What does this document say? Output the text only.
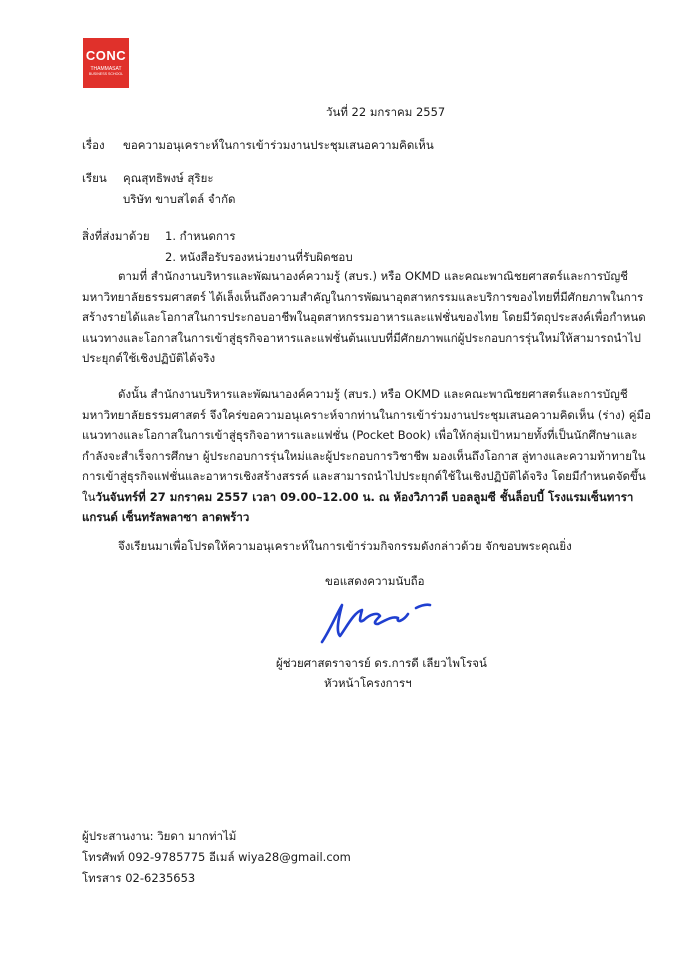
CONC
THAMMASAT
BUSINESS SCHOOL
วันที่ 22 มกราคม 2557
เรื่อง ขอความอนุเคราะห์ในการเข้าร่วมงานประชุมเสนอความคิดเห็น
เรียน คุณสุทธิพงษ์ สุริยะ
บริษัท ขาบสไตล์ จำกัด
สิ่งที่ส่งมาด้วย 1. กำหนดการ
2. หนังสือรับรองหน่วยงานที่รับผิดชอบ
ตามที่ สำนักงานบริหารและพัฒนาองค์ความรู้ (สบร.) หรือ OKMD และคณะพาณิชยศาสตร์และการบัญชี
มหาวิทยาลัยธรรมศาสตร์ ได้เล็งเห็นถึงความสำคัญในการพัฒนาอุตสาหกรรมและบริการของไทยที่มีศักยภาพในการ
สร้างรายได้และโอกาสในการประกอบอาชีพในอุตสาหกรรมอาหารและแฟชั่นของไทย โดยมีวัตถุประสงค์เพื่อกำหนด
แนวทางและโอกาสในการเข้าสู่ธุรกิจอาหารและแฟชั่นต้นแบบที่มีศักยภาพแก่ผู้ประกอบการรุ่นใหม่ให้สามารถนำไป
ประยุกต์ใช้เชิงปฏิบัติได้จริง
ดังนั้น สำนักงานบริหารและพัฒนาองค์ความรู้ (สบร.) หรือ OKMD และคณะพาณิชยศาสตร์และการบัญชี
มหาวิทยาลัยธรรมศาสตร์ จึงใคร่ขอความอนุเคราะห์จากท่านในการเข้าร่วมงานประชุมเสนอความคิดเห็น (ร่าง) คู่มือ
แนวทางและโอกาสในการเข้าสู่ธุรกิจอาหารและแฟชั่น (Pocket Book) เพื่อให้กลุ่มเป้าหมายทั้งที่เป็นนักศึกษาและ
กำลังจะสำเร็จการศึกษา ผู้ประกอบการรุ่นใหม่และผู้ประกอบการวิชาชีพ มองเห็นถึงโอกาส ลู่ทางและความท้าทายใน
การเข้าสู่ธุรกิจแฟชั่นและอาหารเชิงสร้างสรรค์ และสามารถนำไปประยุกต์ใช้ในเชิงปฏิบัติได้จริง โดยมีกำหนดจัดขึ้น
ในวันจันทร์ที่ 27 มกราคม 2557 เวลา 09.00–12.00 น. ณ ห้องวิภาวดี บอลลูมซี ชั้นล็อบบี้ โรงแรมเซ็นทารา
แกรนด์ เซ็นทรัลพลาซา ลาดพร้าว
จึงเรียนมาเพื่อโปรดให้ความอนุเคราะห์ในการเข้าร่วมกิจกรรมดังกล่าวด้วย จักขอบพระคุณยิ่ง
ขอแสดงความนับถือ
ผู้ช่วยศาสตราจารย์ ดร.การดี เลียวไพโรจน์
หัวหน้าโครงการฯ
ผู้ประสานงาน: วิยดา มากท่าไม้
โทรศัพท์ 092-9785775 อีเมล์ wiya28@gmail.com
โทรสาร 02-6235653
